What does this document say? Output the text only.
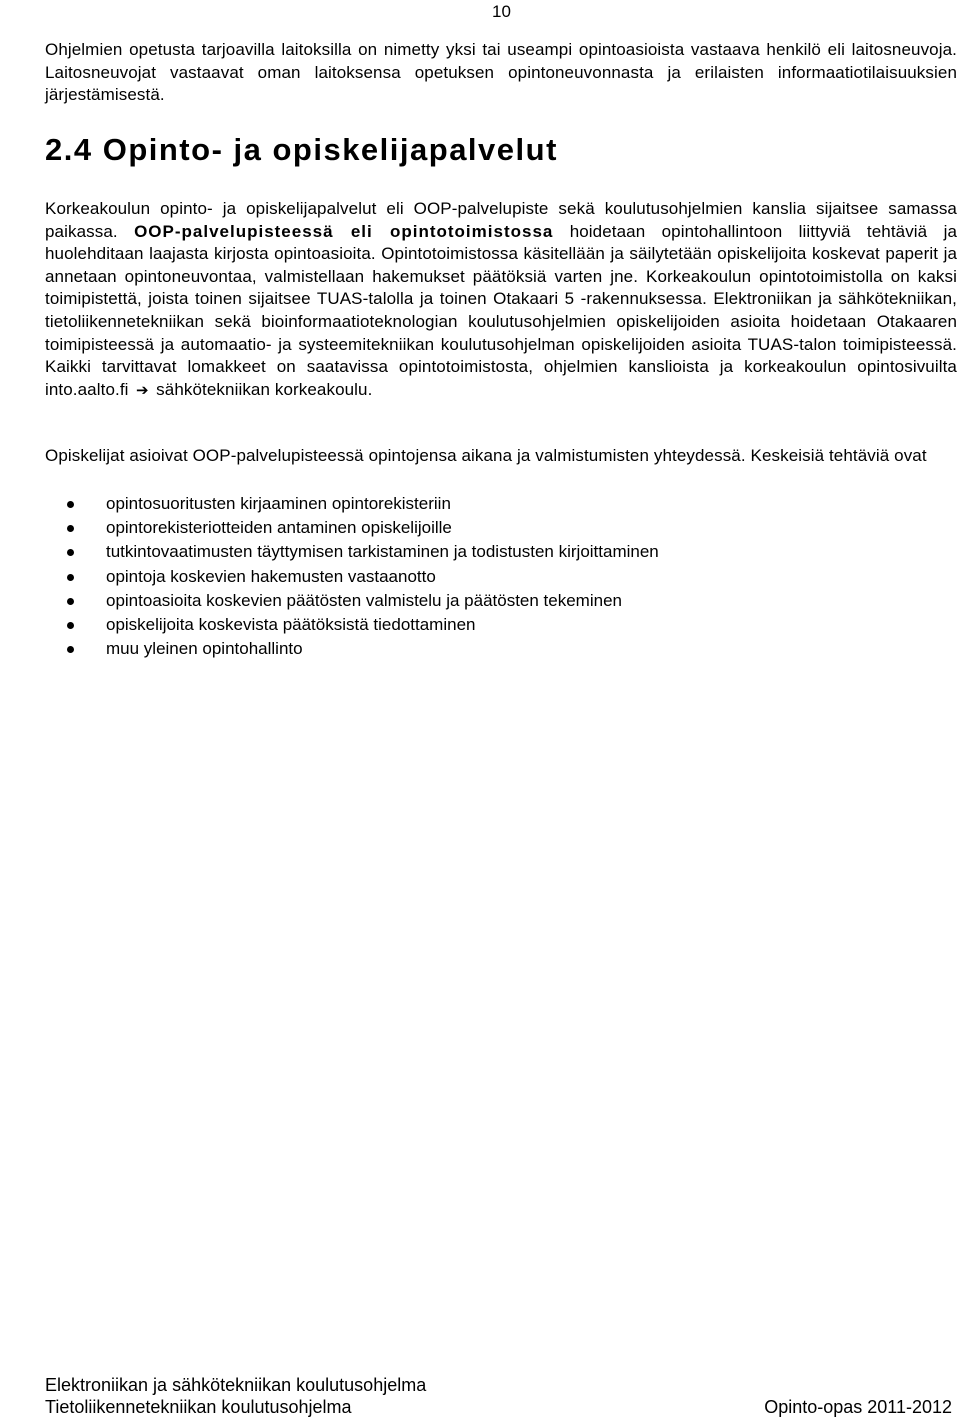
10

Ohjelmien opetusta tarjoavilla laitoksilla on nimetty yksi tai useampi opintoasioista vastaava henkilö eli laitosneuvoja. Laitosneuvojat vastaavat oman laitoksensa opetuksen opintoneuvonnasta ja erilaisten informaatiotilaisuuksien järjestämisestä.

2.4 Opinto- ja opiskelijapalvelut

Korkeakoulun opinto- ja opiskelijapalvelut eli OOP-palvelupiste sekä koulutusohjelmien kanslia sijaitsee samassa paikassa. OOP-palvelupisteessä eli opintotoimistossa hoidetaan opintohallintoon liittyviä tehtäviä ja huolehditaan laajasta kirjosta opintoasioita. Opintotoimistossa käsitellään ja säilytetään opiskelijoita koskevat paperit ja annetaan opintoneuvontaa, valmistellaan hakemukset päätöksiä varten jne. Korkeakoulun opintotoimistolla on kaksi toimipistettä, joista toinen sijaitsee TUAS-talolla ja toinen Otakaari 5 -rakennuksessa. Elektroniikan ja sähkötekniikan, tietoliikennetekniikan sekä bioinformaatioteknologian koulutusohjelmien opiskelijoiden asioita hoidetaan Otakaaren toimipisteessä ja automaatio- ja systeemitekniikan koulutusohjelman opiskelijoiden asioita TUAS-talon toimipisteessä. Kaikki tarvittavat lomakkeet on saatavissa opintotoimistosta, ohjelmien kanslioista ja korkeakoulun opintosivuilta into.aalto.fi ➔ sähkötekniikan korkeakoulu.

Opiskelijat asioivat OOP-palvelupisteessä opintojensa aikana ja valmistumisten yhteydessä. Keskeisiä tehtäviä ovat

opintosuoritusten kirjaaminen opintorekisteriin
opintorekisteriotteiden antaminen opiskelijoille
tutkintovaatimusten täyttymisen tarkistaminen ja todistusten kirjoittaminen
opintoja koskevien hakemusten vastaanotto
opintoasioita koskevien päätösten valmistelu ja päätösten tekeminen
opiskelijoita koskevista päätöksistä tiedottaminen
muu yleinen opintohallinto
Elektroniikan ja sähkötekniikan koulutusohjelma
Tietoliikennetekniikan koulutusohjelma	Opinto-opas 2011-2012
